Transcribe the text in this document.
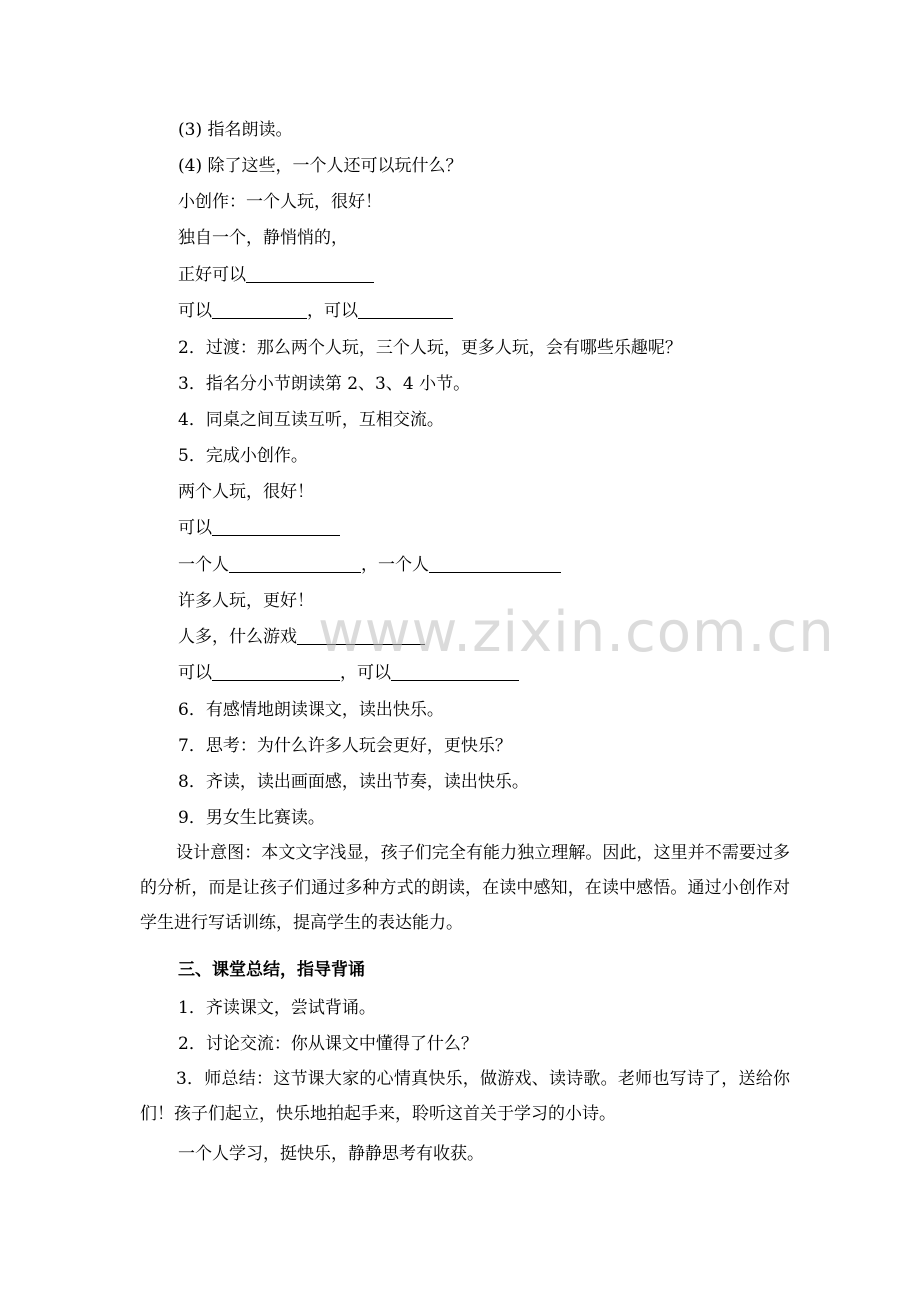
(3) 指名朗读。
(4) 除了这些，一个人还可以玩什么？
小创作：一个人玩，很好！
独自一个，静悄悄的，
正好可以
可以	，可以
2．过渡：那么两个人玩，三个人玩，更多人玩，会有哪些乐趣呢？
3．指名分小节朗读第 2、3、4 小节。
4．同桌之间互读互听，互相交流。
5．完成小创作。
两个人玩，很好！
可以
一个人	，一个人
许多人玩，更好！
人多，什么游戏
可以	，可以
6．有感情地朗读课文，读出快乐。
7．思考：为什么许多人玩会更好，更快乐？
8．齐读，读出画面感，读出节奏，读出快乐。
9．男女生比赛读。
设计意图：本文文字浅显，孩子们完全有能力独立理解。因此，这里并不需要过多的分析，而是让孩子们通过多种方式的朗读，在读中感知，在读中感悟。通过小创作对学生进行写话训练，提高学生的表达能力。
三、课堂总结，指导背诵
1．齐读课文，尝试背诵。
2．讨论交流：你从课文中懂得了什么？
3．师总结：这节课大家的心情真快乐，做游戏、读诗歌。老师也写诗了，送给你们！孩子们起立，快乐地拍起手来，聆听这首关于学习的小诗。
一个人学习，挺快乐，静静思考有收获。
www.zixin.com.cn
